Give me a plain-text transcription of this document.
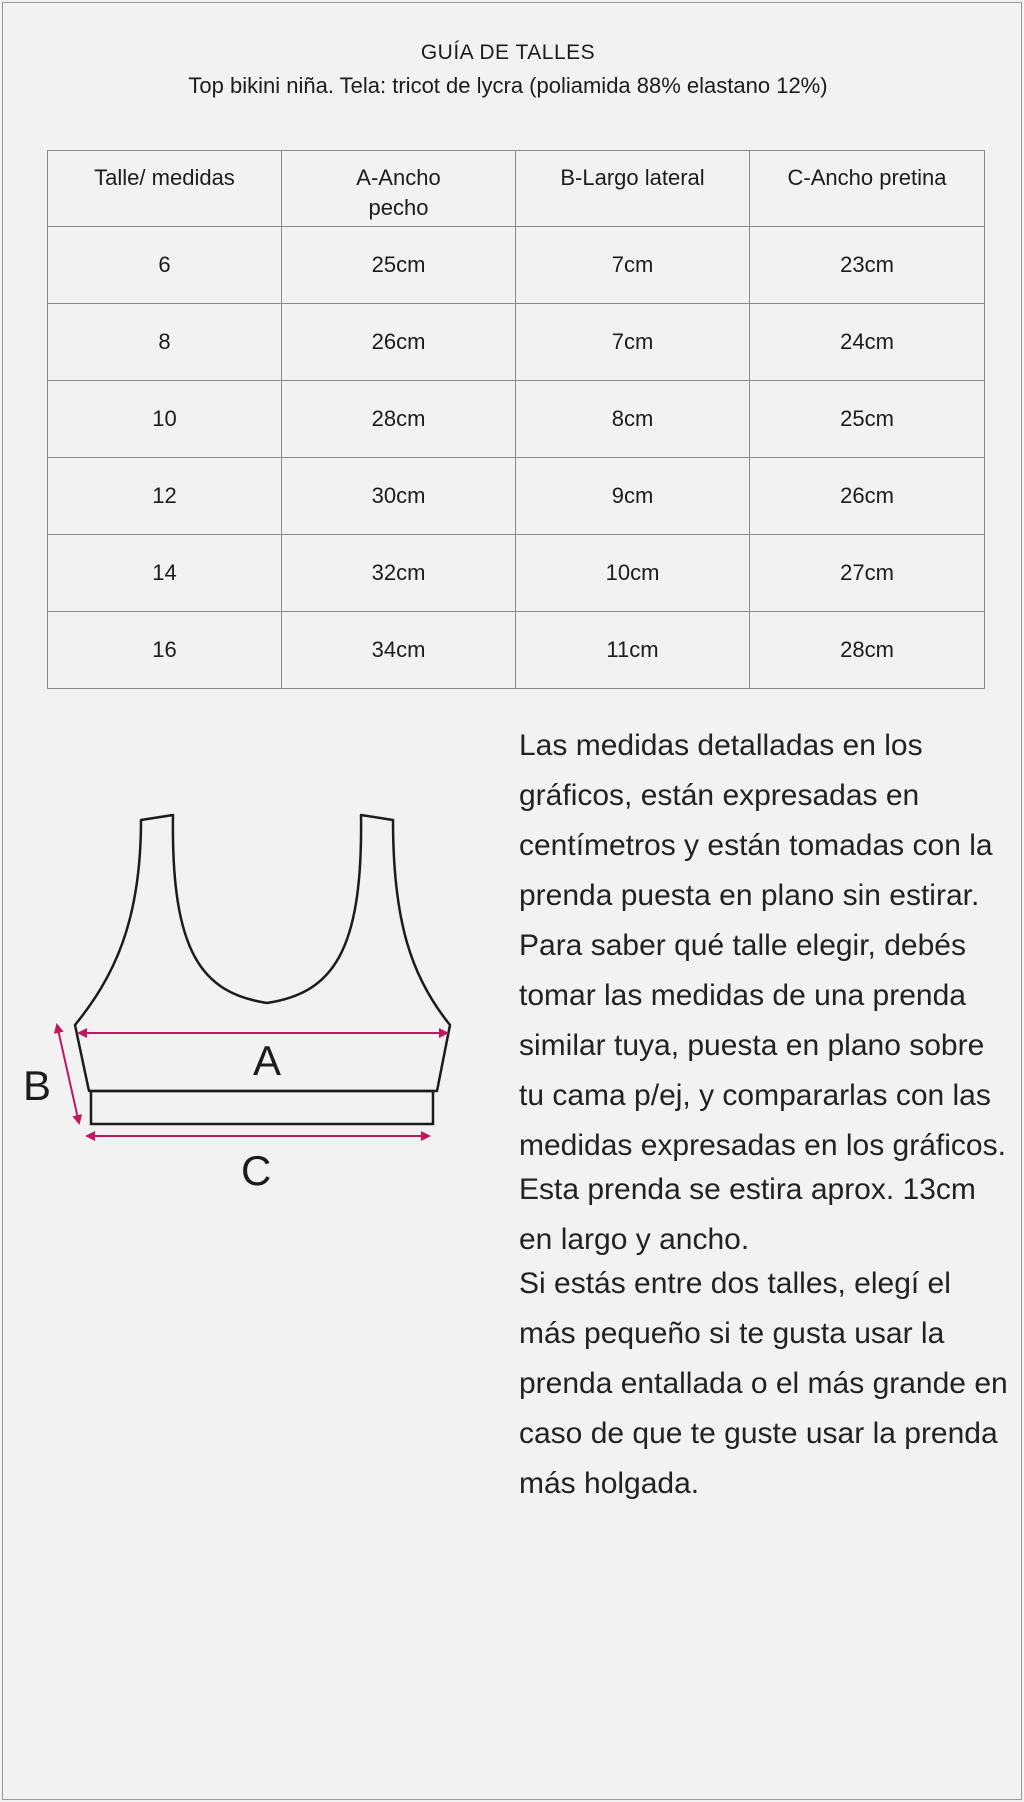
GUÍA DE TALLES
Top bikini niña. Tela: tricot de lycra (poliamida 88% elastano 12%)
Talle/ medidas	A-Ancho pecho	B-Largo lateral	C-Ancho pretina
6	25cm	7cm	23cm
8	26cm	7cm	24cm
10	28cm	8cm	25cm
12	30cm	9cm	26cm
14	32cm	10cm	27cm
16	34cm	11cm	28cm
A
B
C

Las medidas detalladas en los gráficos, están expresadas en centímetros y están tomadas con la prenda puesta en plano sin estirar. Para saber qué talle elegir, debés tomar las medidas de una prenda similar tuya, puesta en plano sobre tu cama p/ej, y compararlas con las medidas expresadas en los gráficos.

Esta prenda se estira aprox. 13cm en largo y ancho.

Si estás entre dos talles, elegí el más pequeño si te gusta usar la prenda entallada o el más grande en caso de que te guste usar la prenda más holgada.
